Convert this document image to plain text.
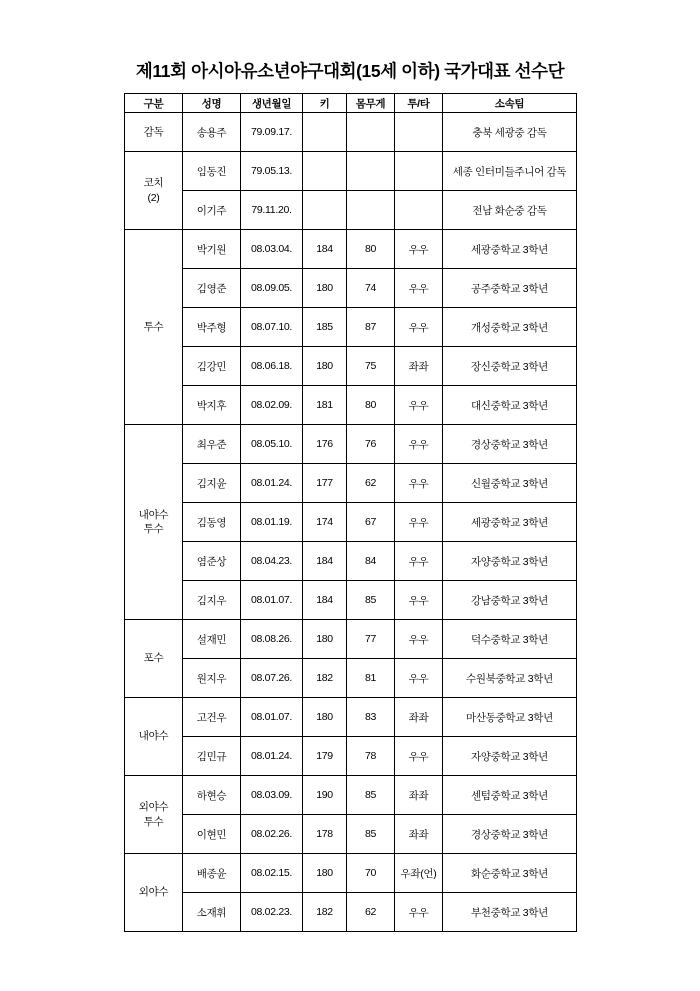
제11회 아시아유소년야구대회(15세 이하) 국가대표 선수단
구분	성명	생년월일	키	몸무게	투/타	소속팀
감독	송용주	79.09.17.				충북 세광중 감독
코치
(2)	임동진	79.05.13.				세종 인터미들주니어 감독
	이기주	79.11.20.				전남 화순중 감독
투수	박기원	08.03.04.	184	80	우우	세광중학교 3학년
	김영준	08.09.05.	180	74	우우	공주중학교 3학년
	박주형	08.07.10.	185	87	우우	개성중학교 3학년
	김강민	08.06.18.	180	75	좌좌	장신중학교 3학년
	박지후	08.02.09.	181	80	우우	대신중학교 3학년
내야수
투수	최우준	08.05.10.	176	76	우우	경상중학교 3학년
	김지윤	08.01.24.	177	62	우우	신월중학교 3학년
	김동영	08.01.19.	174	67	우우	세광중학교 3학년
	염준상	08.04.23.	184	84	우우	자양중학교 3학년
	김지우	08.01.07.	184	85	우우	강남중학교 3학년
포수	설재민	08.08.26.	180	77	우우	덕수중학교 3학년
	원지우	08.07.26.	182	81	우우	수원북중학교 3학년
내야수	고건우	08.01.07.	180	83	좌좌	마산동중학교 3학년
	김민규	08.01.24.	179	78	우우	자양중학교 3학년
외야수
투수	하현승	08.03.09.	190	85	좌좌	센텀중학교 3학년
	이현민	08.02.26.	178	85	좌좌	경상중학교 3학년
외야수	배종윤	08.02.15.	180	70	우좌(언)	화순중학교 3학년
	소재휘	08.02.23.	182	62	우우	부천중학교 3학년
